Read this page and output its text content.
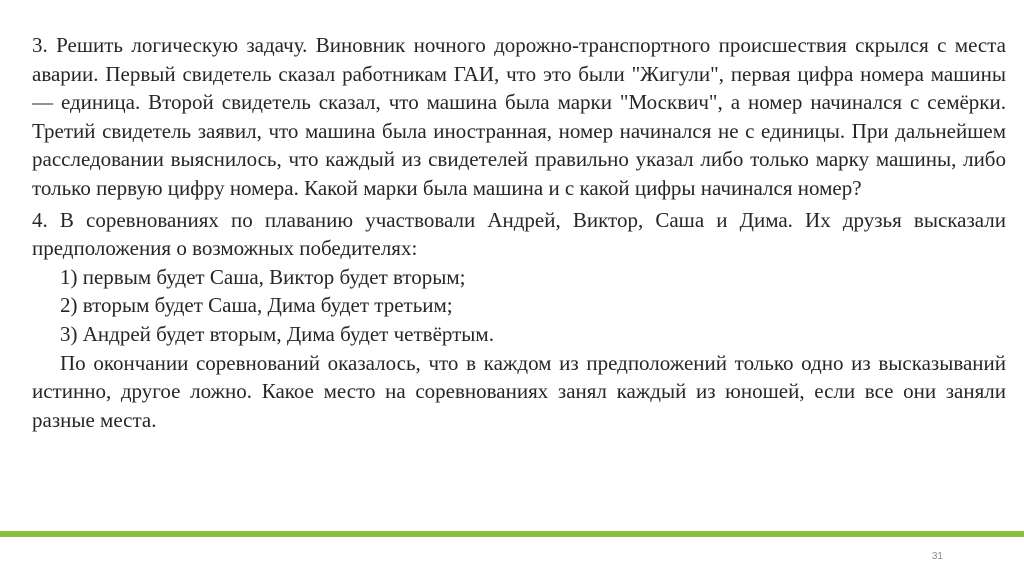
3. Решить логическую задачу. Виновник ночного дорожно-транспортного происшествия скрылся с места аварии. Первый свидетель сказал работникам ГАИ, что это были "Жигули", первая цифра номера машины — единица. Второй свидетель сказал, что машина была марки "Москвич", а номер начинался с семёрки. Третий свидетель заявил, что машина была иностранная, номер начинался не с единицы. При дальнейшем расследовании выяснилось, что каждый из свидетелей правильно указал либо только марку машины, либо только первую цифру номера. Какой марки была машина и с какой цифры начинался номер?

4. В соревнованиях по плаванию участвовали Андрей, Виктор, Саша и Дима. Их друзья высказали предположения о возможных победителях:

1) первым будет Саша, Виктор будет вторым;
2) вторым будет Саша, Дима будет третьим;
3) Андрей будет вторым, Дима будет четвёртым.

По окончании соревнований оказалось, что в каждом из предположений только одно из высказываний истинно, другое ложно. Какое место на соревнованиях занял каждый из юношей, если все они заняли разные места.

31
